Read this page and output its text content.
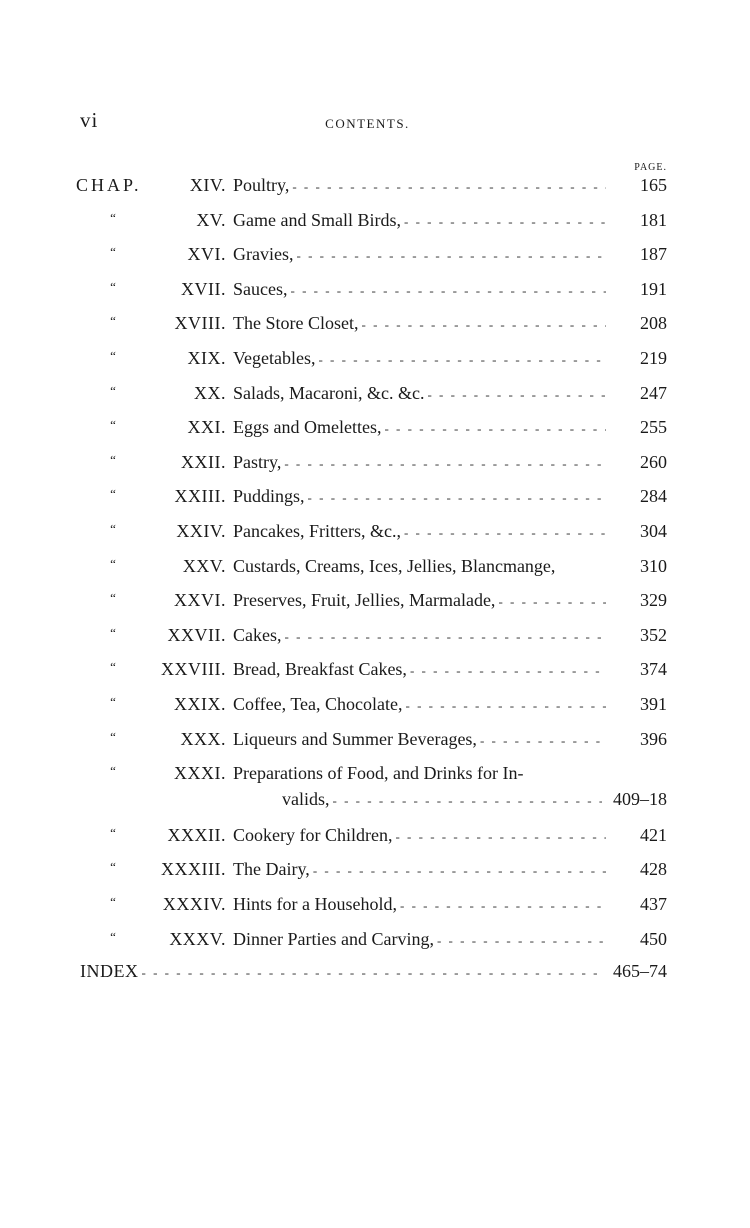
vi	CONTENTS.
PAGE.
CHAP.	XIV. Poultry, - - -	165
“	XV. Game and Small Birds, - - -	181
“	XVI. Gravies, - - -	187
“	XVII. Sauces, - - -	191
“	XVIII. The Store Closet, - - -	208
“	XIX. Vegetables, - - -	219
“	XX. Salads, Macaroni, &c. &c. - - -	247
“	XXI. Eggs and Omelettes, - - -	255
“	XXII. Pastry, - - -	260
“	XXIII. Puddings, - - -	284
“	XXIV. Pancakes, Fritters, &c., - - -	304
“	XXV. Custards, Creams, Ices, Jellies, Blancmange,	310
“	XXVI. Preserves, Fruit, Jellies, Marmalade, - - -	329
“	XXVII. Cakes, - - -	352
“	XXVIII. Bread, Breakfast Cakes, - - -	374
“	XXIX. Coffee, Tea, Chocolate, - - -	391
“	XXX. Liqueurs and Summer Beverages, - - -	396
“	XXXI. Preparations of Food, and Drinks for In-
valids, - - -	409–18
“	XXXII. Cookery for Children, - - -	421
“	XXXIII. The Dairy, - - -	428
“	XXXIV. Hints for a Household, - - -	437
“	XXXV. Dinner Parties and Carving, - - -	450
INDEX - - -	465–74
